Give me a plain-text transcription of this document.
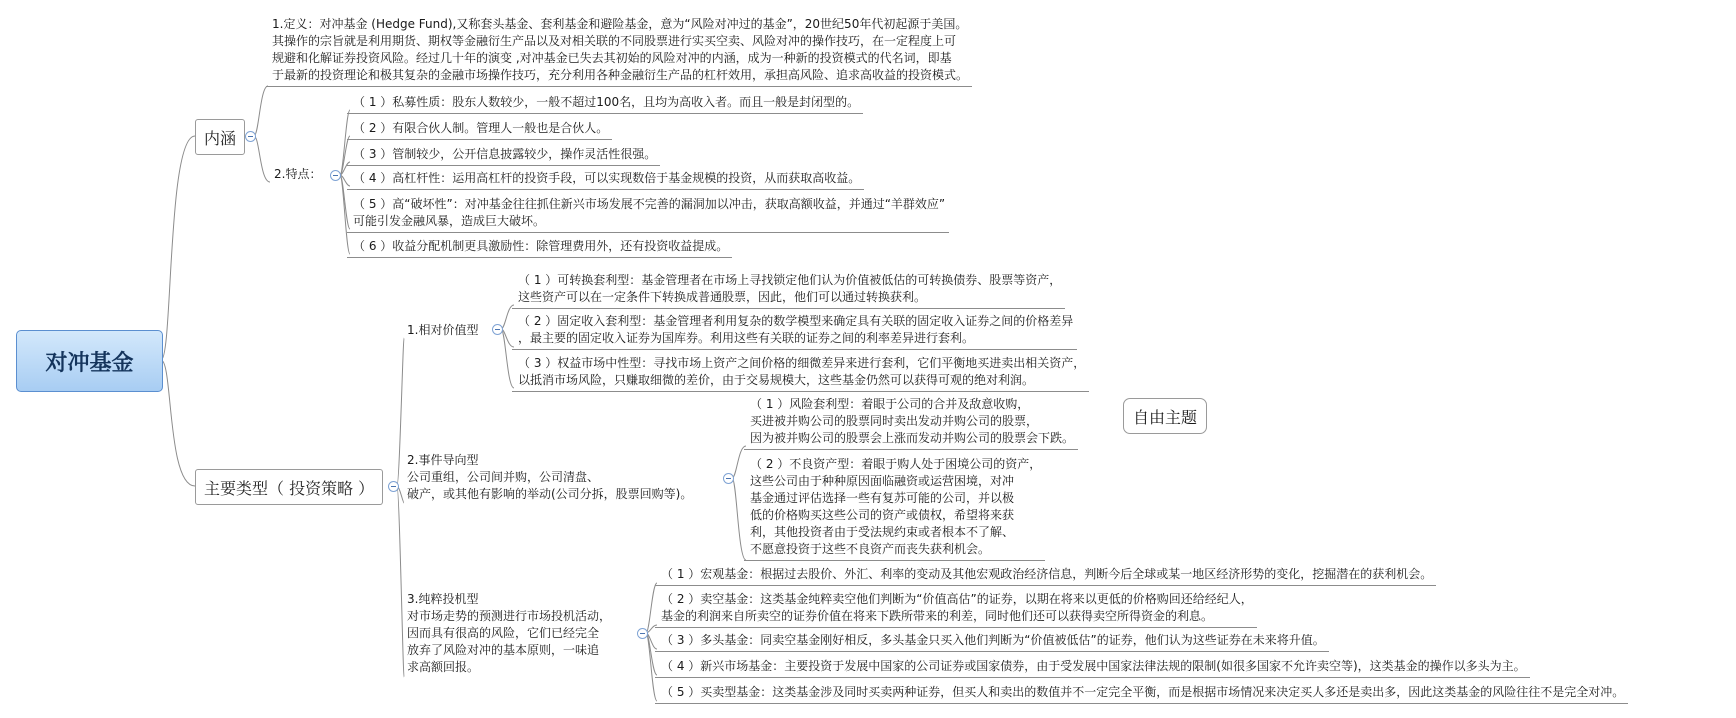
对冲基金
自由主题
内涵
主要类型（ 投资策略 ）
1.定义：对冲基金 (Hedge Fund),又称套头基金、套利基金和避险基金，意为“风险对冲过的基金”，20世纪50年代初起源于美国。
其操作的宗旨就是利用期货、期权等金融衍生产品以及对相关联的不同股票进行实买空卖、风险对冲的操作技巧，在一定程度上可
规避和化解证券投资风险。经过几十年的演变 ,对冲基金已失去其初始的风险对冲的内涵，成为一种新的投资模式的代名词，即基
于最新的投资理论和极其复杂的金融市场操作技巧，充分利用各种金融衍生产品的杠杆效用，承担高风险、追求高收益的投资模式。
2.特点：
（ 1 ）私募性质：股东人数较少，一般不超过100名，且均为高收入者。而且一般是封闭型的。
（ 2 ）有限合伙人制。管理人一般也是合伙人。
（ 3 ）管制较少，公开信息披露较少，操作灵活性很强。
（ 4 ）高杠杆性：运用高杠杆的投资手段，可以实现数倍于基金规模的投资，从而获取高收益。
（ 5 ）高“破坏性”：对冲基金往往抓住新兴市场发展不完善的漏洞加以冲击，获取高额收益，并通过“羊群效应”
可能引发金融风暴，造成巨大破坏。
（ 6 ）收益分配机制更具激励性：除管理费用外，还有投资收益提成。
1.相对价值型
（ 1 ）可转换套利型：基金管理者在市场上寻找锁定他们认为价值被低估的可转换债券、股票等资产，
这些资产可以在一定条件下转换成普通股票，因此，他们可以通过转换获利。
（ 2 ）固定收入套利型：基金管理者利用复杂的数学模型来确定具有关联的固定收入证券之间的价格差异
，最主要的固定收入证券为国库券。利用这些有关联的证券之间的利率差异进行套利。
（ 3 ）权益市场中性型：寻找市场上资产之间价格的细微差异来进行套利，它们平衡地买进卖出相关资产，
以抵消市场风险，只赚取细微的差价，由于交易规模大，这些基金仍然可以获得可观的绝对利润。
2.事件导向型
公司重组，公司间并购，公司清盘、
破产，或其他有影响的举动(公司分拆，股票回购等)。
（ 1 ）风险套利型：着眼于公司的合并及敌意收购，
买进被并购公司的股票同时卖出发动并购公司的股票，
因为被并购公司的股票会上涨而发动并购公司的股票会下跌。
（ 2 ）不良资产型：着眼于购人处于困境公司的资产，
这些公司由于种种原因面临融资或运营困境，对冲
基金通过评估选择一些有复苏可能的公司，并以极
低的价格购买这些公司的资产或债权，希望将来获
利，其他投资者由于受法规约束或者根本不了解、
不愿意投资于这些不良资产而丧失获利机会。
3.纯粹投机型
对市场走势的预测进行市场投机活动，
因而具有很高的风险，它们已经完全
放弃了风险对冲的基本原则，一味追
求高额回报。
（ 1 ）宏观基金：根据过去股价、外汇、利率的变动及其他宏观政治经济信息，判断今后全球或某一地区经济形势的变化，挖掘潜在的获利机会。
（ 2 ）卖空基金：这类基金纯粹卖空他们判断为“价值高估”的证券，以期在将来以更低的价格购回还给经纪人，
基金的利润来自所卖空的证券价值在将来下跌所带来的利差，同时他们还可以获得卖空所得资金的利息。
（ 3 ）多头基金：同卖空基金刚好相反，多头基金只买入他们判断为“价值被低估”的证券，他们认为这些证券在未来将升值。
（ 4 ）新兴市场基金：主要投资于发展中国家的公司证券或国家债券，由于受发展中国家法律法规的限制(如很多国家不允许卖空等)，这类基金的操作以多头为主。
（ 5 ）买卖型基金：这类基金涉及同时买卖两种证券，但买人和卖出的数值并不一定完全平衡，而是根据市场情况来决定买人多还是卖出多，因此这类基金的风险往往不是完全对冲。
